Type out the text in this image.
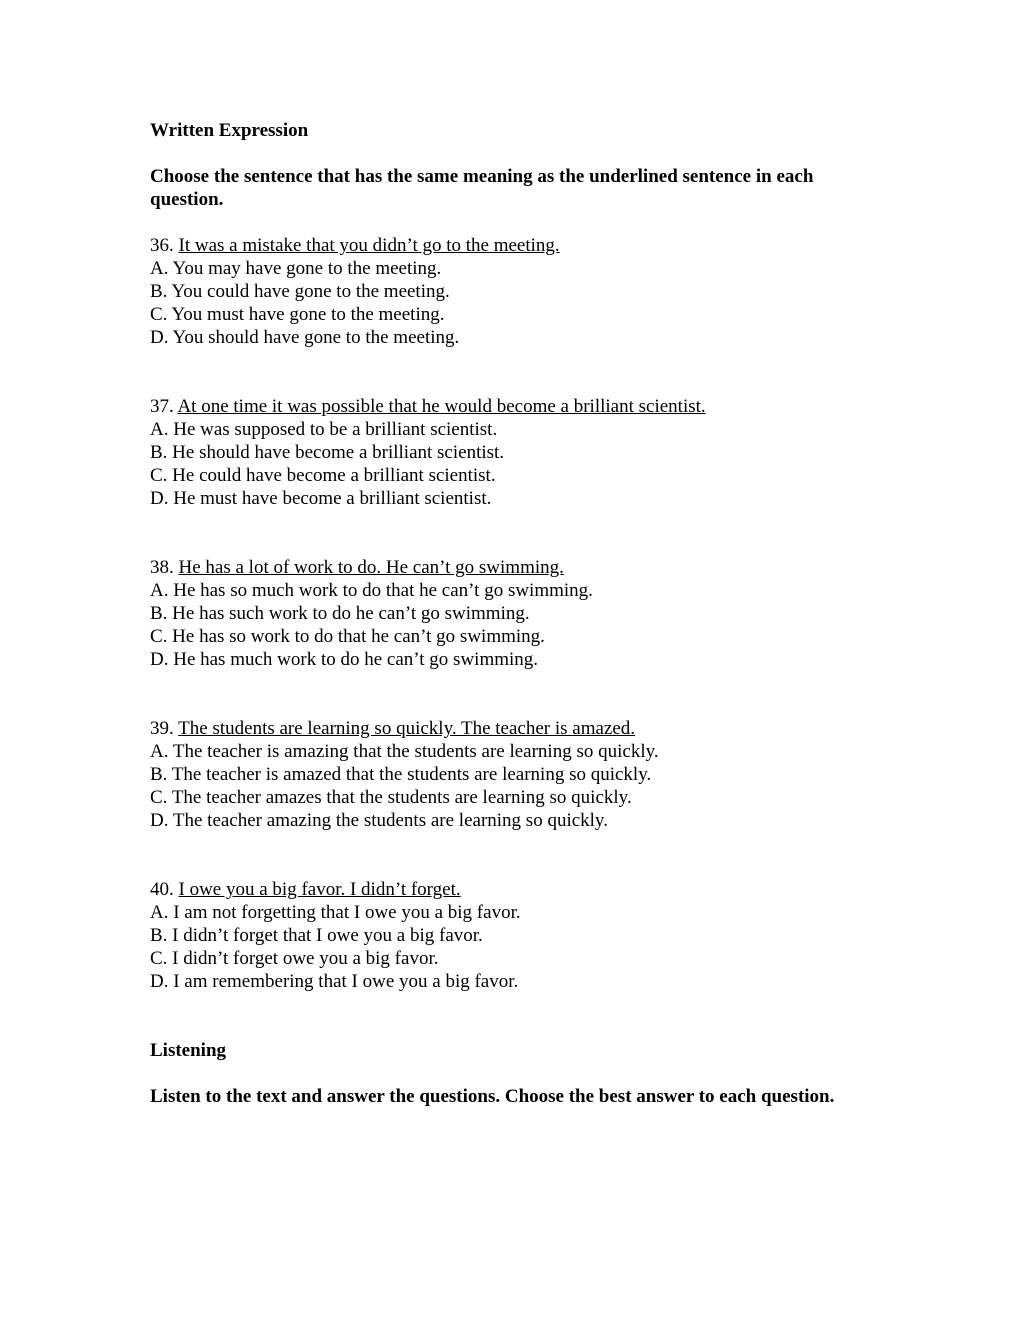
Written Expression

Choose the sentence that has the same meaning as the underlined sentence in each question.

36. It was a mistake that you didn’t go to the meeting.

A. You may have gone to the meeting.

B. You could have gone to the meeting.

C. You must have gone to the meeting.

D. You should have gone to the meeting.

37. At one time it was possible that he would become a brilliant scientist.

A. He was supposed to be a brilliant scientist.

B. He should have become a brilliant scientist.

C. He could have become a brilliant scientist.

D. He must have become a brilliant scientist.

38. He has a lot of work to do. He can’t go swimming.

A. He has so much work to do that he can’t go swimming.

B. He has such work to do he can’t go swimming.

C. He has so work to do that he can’t go swimming.

D. He has much work to do he can’t go swimming.

39. The students are learning so quickly. The teacher is amazed.

A. The teacher is amazing that the students are learning so quickly.

B. The teacher is amazed that the students are learning so quickly.

C. The teacher amazes that the students are learning so quickly.

D. The teacher amazing the students are learning so quickly.

40. I owe you a big favor. I didn’t forget.

A. I am not forgetting that I owe you a big favor.

B. I didn’t forget that I owe you a big favor.

C. I didn’t forget owe you a big favor.

D. I am remembering that I owe you a big favor.

Listening

Listen to the text and answer the questions. Choose the best answer to each question.
